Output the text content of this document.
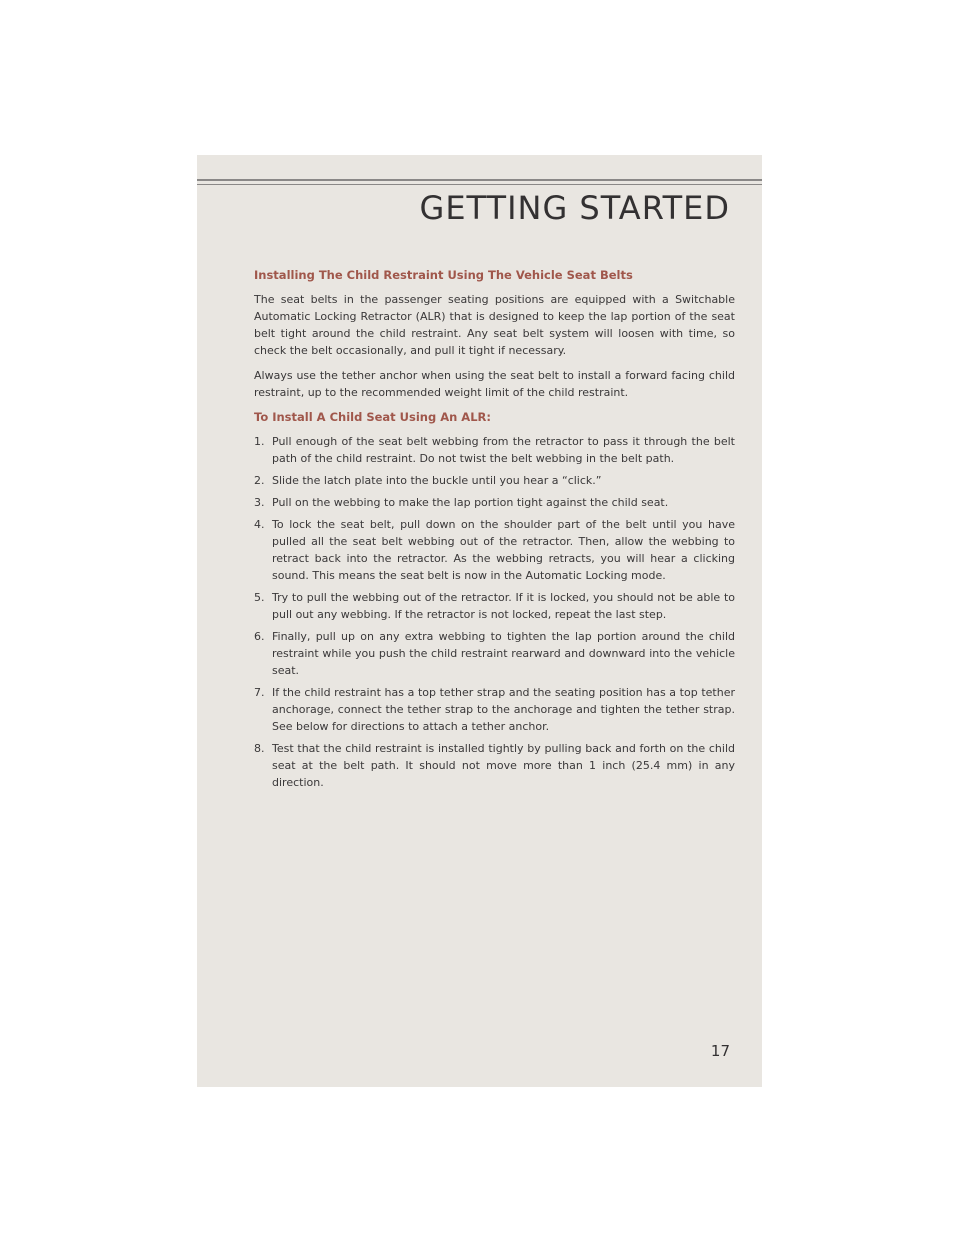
GETTING STARTED
Installing The Child Restraint Using The Vehicle Seat Belts

The seat belts in the passenger seating positions are equipped with a Switchable Automatic Locking Retractor (ALR) that is designed to keep the lap portion of the seat belt tight around the child restraint. Any seat belt system will loosen with time, so check the belt occasionally, and pull it tight if necessary.

Always use the tether anchor when using the seat belt to install a forward facing child restraint, up to the recommended weight limit of the child restraint.

To Install A Child Seat Using An ALR:
1. Pull enough of the seat belt webbing from the retractor to pass it through the belt path of the child restraint. Do not twist the belt webbing in the belt path.
2. Slide the latch plate into the buckle until you hear a “click.”
3. Pull on the webbing to make the lap portion tight against the child seat.
4. To lock the seat belt, pull down on the shoulder part of the belt until you have pulled all the seat belt webbing out of the retractor. Then, allow the webbing to retract back into the retractor. As the webbing retracts, you will hear a clicking sound. This means the seat belt is now in the Automatic Locking mode.
5. Try to pull the webbing out of the retractor. If it is locked, you should not be able to pull out any webbing. If the retractor is not locked, repeat the last step.
6. Finally, pull up on any extra webbing to tighten the lap portion around the child restraint while you push the child restraint rearward and downward into the vehicle seat.
7. If the child restraint has a top tether strap and the seating position has a top tether anchorage, connect the tether strap to the anchorage and tighten the tether strap. See below for directions to attach a tether anchor.
8. Test that the child restraint is installed tightly by pulling back and forth on the child seat at the belt path. It should not move more than 1 inch (25.4 mm) in any direction.
17
